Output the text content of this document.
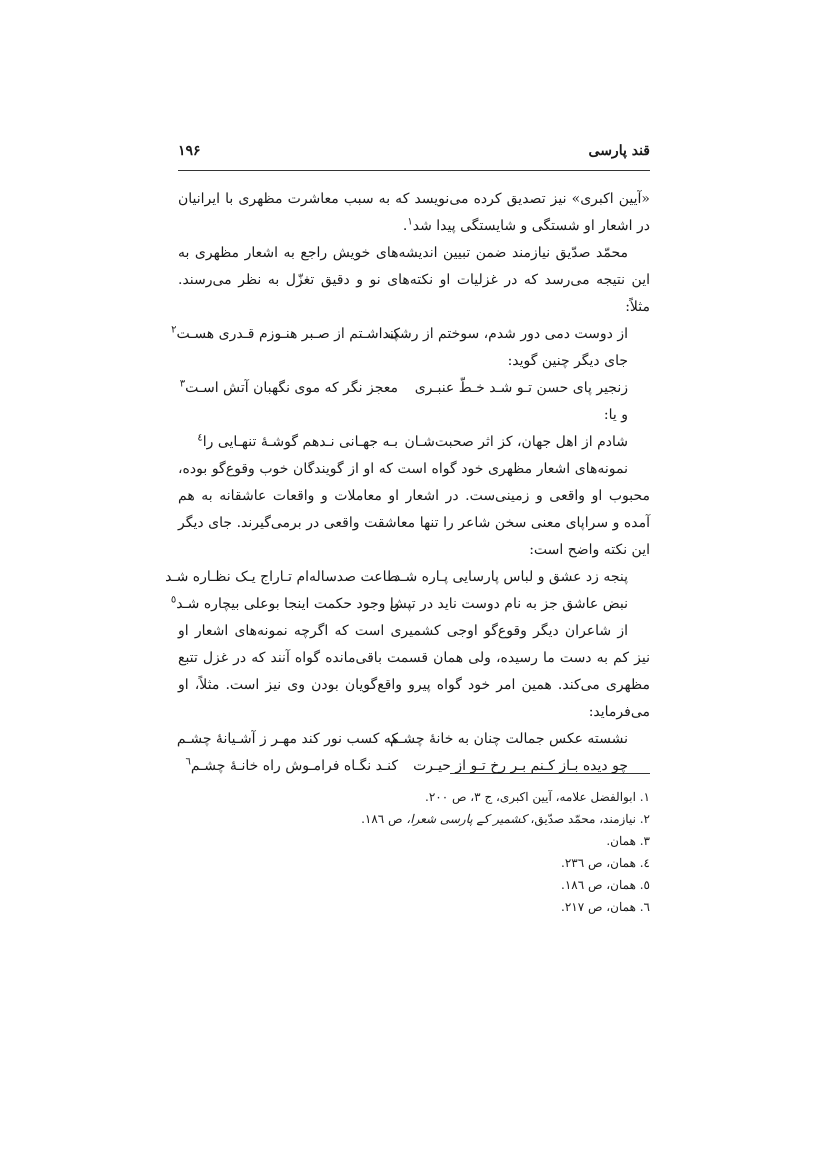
قند پارسی
۱۹۶

«آیین اکبری» نیز تصدیق کرده می‌نویسد که به سبب معاشرت مظهری با ایرانیان در اشعار او شستگی و شایستگی پیدا شد$^۱$.

محمّد صدّیق نیازمند ضمن تبیین اندیشه‌های خویش راجع به اشعار مظهری به این نتیجه می‌رسد که در غزلیات او نکته‌های نو و دقیق تغزّل به نظر می‌رسند. مثلاً:

از دوست دمی دور شدم، سوختم از رشک
پنداشـتم از صـبر هنـوزم قـدری هسـت$^۲$

جای دیگر چنین گوید:

زنجیر پای حسن تـو شـد خـطّ عنبـری
معجز نگر که موی نگهبان آتش اسـت$^۳$

و یا:

شادم از اهل جهان، کز اثر صحبت‌شـان
بـه جهـانی نـدهم گوشـۀ تنهـایی را$^٤$

نمونه‌های اشعار مظهری خود گواه است که او از گویندگان خوب وقوع‌گو بوده، محبوب او واقعی و زمینی‌ست. در اشعار او معاملات و واقعات عاشقانه به هم آمده و سراپای معنی سخن شاعر را تنها معاشقت واقعی در برمی‌گیرند. جای دیگر این نکته واضح است:

پنجه زد عشق و لباس پارسایی پـاره شـد
طاعت صدساله‌ام تـاراج یـک نظـاره شـد
نبض عاشق جز به نام دوست ناید در تپش
با وجود حکمت اینجا بوعلی بیچاره شـد$^٥$

از شاعران دیگر وقوع‌گو اوجی کشمیری است که اگرچه نمونه‌های اشعار او نیز کم به دست ما رسیده، ولی همان قسمت باقی‌مانده گواه آنند که در غزل تتبع مظهری می‌کند. همین امر خود گواه پیرو واقع‌گویان بودن وی نیز است. مثلاً، او می‌فرماید:

نشسته عکس جمالت چنان به خانۀ چشـم
که کسب نور کند مهـر ز آشـیانۀ چشـم
چو دیده بـاز کـنم بـر رخ تـو از حیـرت
کنـد نگـاه فرامـوش راه خانـۀ چشـم$^٦$
١. ابوالفضل علامه، آیین اکبری، ج ٣، ص ٢٠٠.
٢. نیازمند، محمّد صدّیق، کشمیر کے پارسی شعرا، ص ١٨٦.
٣. همان.
٤. همان، ص ٢٣٦.
٥. همان، ص ١٨٦.
٦. همان، ص ٢١٧.
